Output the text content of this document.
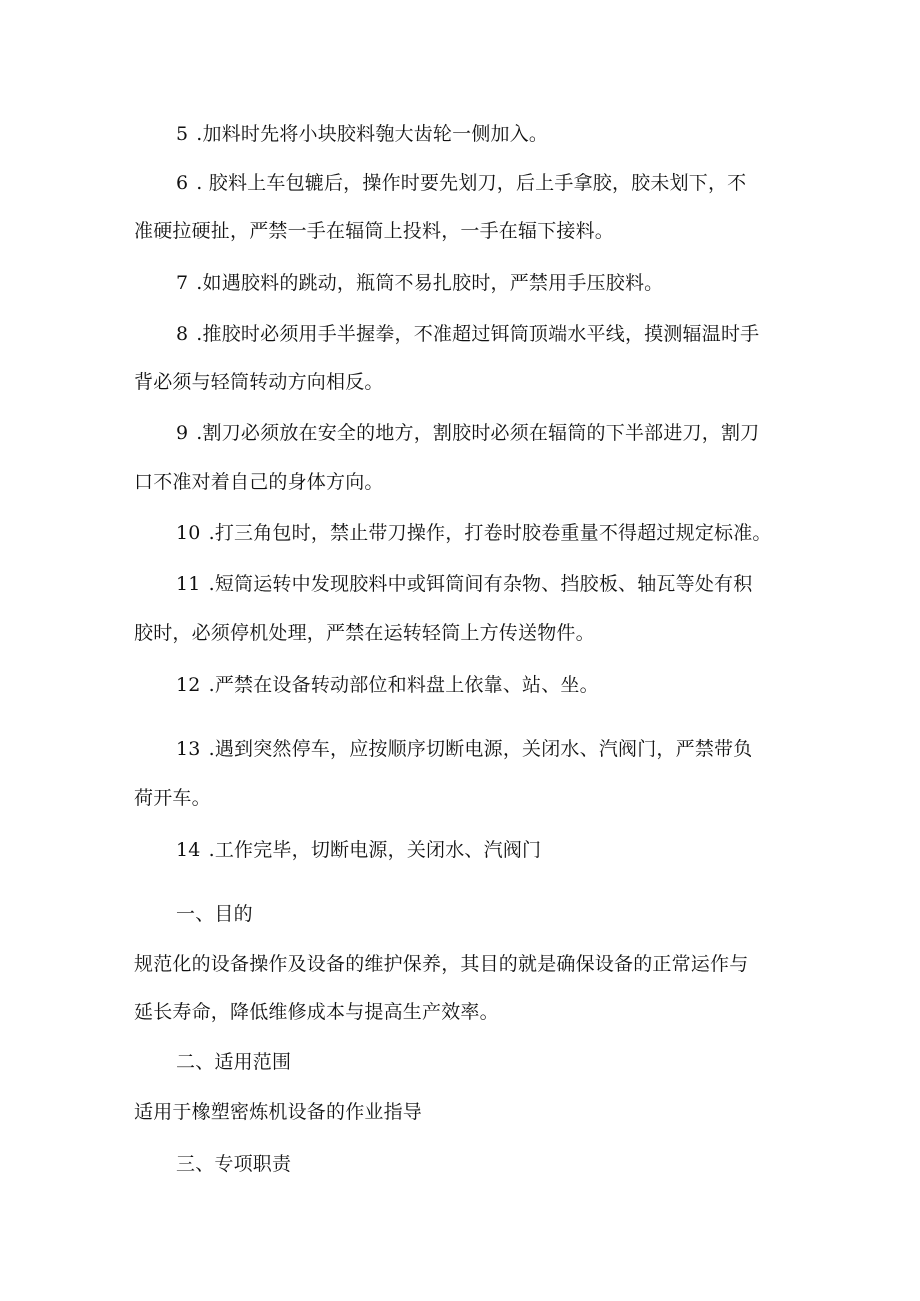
5 .加料时先将小块胶料匏大齿轮一侧加入。
6 . 胶料上车包辘后，操作时要先划刀，后上手拿胶，胶未划下，不
准硬拉硬扯，严禁一手在辐筒上投料，一手在辐下接料。
7 .如遇胶料的跳动，瓶筒不易扎胶时，严禁用手压胶料。
8 .推胶时必须用手半握拳，不准超过铒筒顶端水平线，摸测辐温时手
背必须与轻筒转动方向相反。
9 .割刀必须放在安全的地方，割胶时必须在辐筒的下半部进刀，割刀
口不准对着自己的身体方向。
10 .打三角包时，禁止带刀操作，打卷时胶卷重量不得超过规定标准。
11 .短筒运转中发现胶料中或铒筒间有杂物、挡胶板、轴瓦等处有积
胶时，必须停机处理，严禁在运转轻筒上方传送物件。
12 .严禁在设备转动部位和料盘上依靠、站、坐。
13 .遇到突然停车，应按顺序切断电源，关闭水、汽阀门，严禁带负
荷开车。
14 .工作完毕，切断电源，关闭水、汽阀门
一、目的
规范化的设备操作及设备的维护保养，其目的就是确保设备的正常运作与
延长寿命，降低维修成本与提高生产效率。
二、适用范围
适用于橡塑密炼机设备的作业指导
三、专项职责
